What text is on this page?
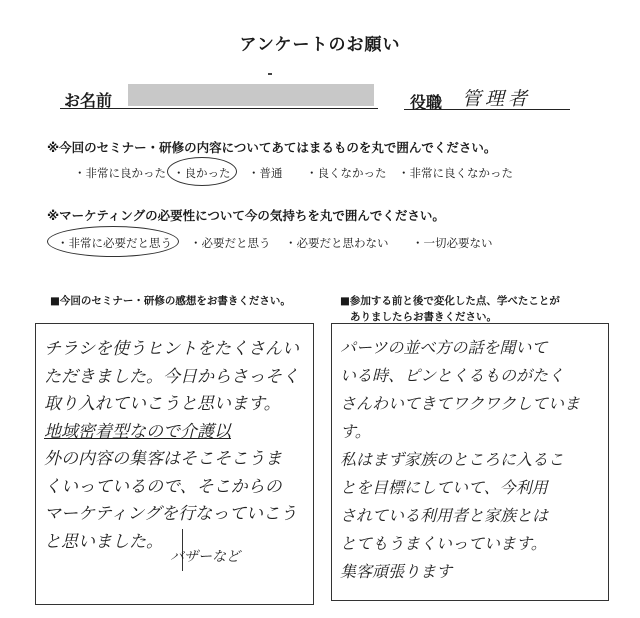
アンケートのお願い
お名前	役職 管理者
※今回のセミナー・研修の内容についてあてはまるものを丸で囲んでください。
・非常に良かった ・良かった ・普通 ・良くなかった ・非常に良くなかった
※マーケティングの必要性について今の気持ちを丸で囲んでください。
・非常に必要だと思う ・必要だと思う ・必要だと思わない ・一切必要ない
■今回のセミナー・研修の感想をお書きください。
チラシを使うヒントをたくさんい
ただきました。今日からさっそく
取り入れていこうと思います。
地域密着型なので介護以
外の内容の集客はそこそこうま
くいっているので、そこからの
マーケティングを行なっていこう
と思いました。
バザーなど
■参加する前と後で変化した点、学べたことが
ありましたらお書きください。
パーツの並べ方の話を聞いて
いる時、ピンとくるものがたく
さんわいてきてワクワクしていま
す。
私はまず家族のところに入るこ
とを目標にしていて、今利用
されている利用者と家族とは
とてもうまくいっています。
集客頑張ります
